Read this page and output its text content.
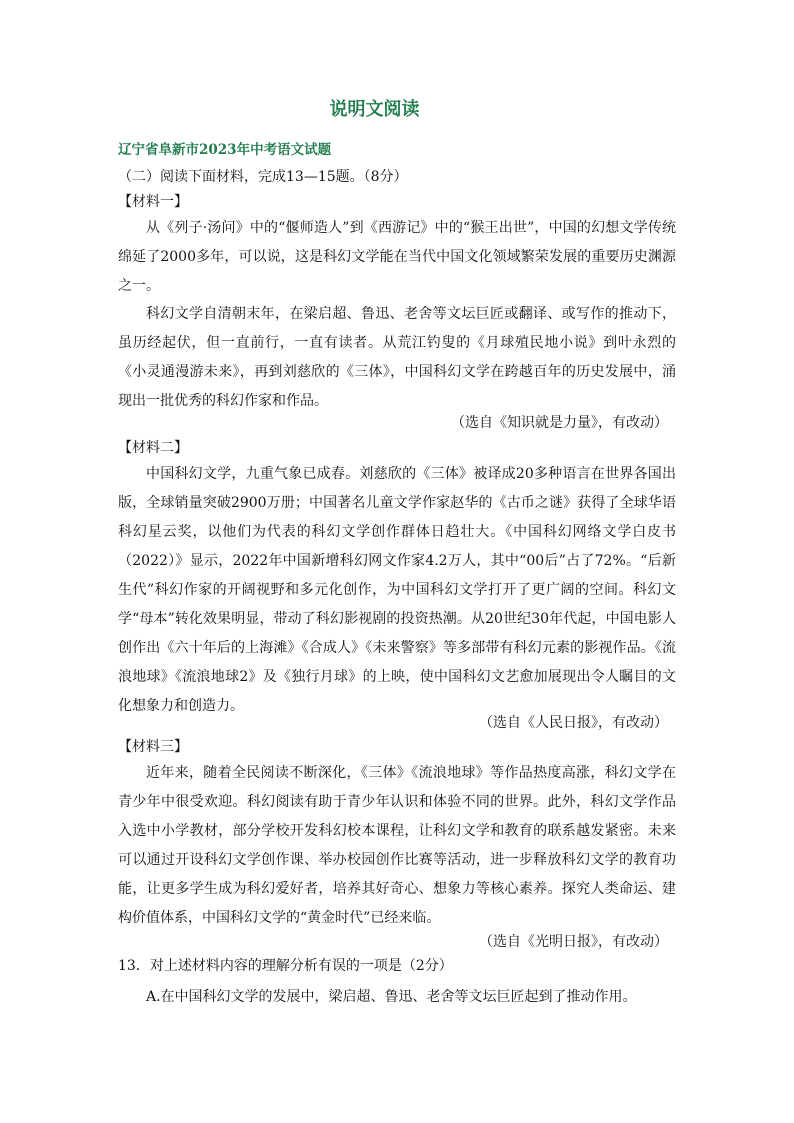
说明文阅读
辽宁省阜新市2023年中考语文试题
（二）阅读下面材料，完成13—15题。（8分）
【材料一】
从《列子·汤问》中的“偃师造人”到《西游记》中的“猴王出世”，中国的幻想文学传统绵延了2000多年，可以说，这是科幻文学能在当代中国文化领域繁荣发展的重要历史渊源之一。
科幻文学自清朝末年，在梁启超、鲁迅、老舍等文坛巨匠或翻译、或写作的推动下，虽历经起伏，但一直前行，一直有读者。从荒江钓叟的《月球殖民地小说》到叶永烈的《小灵通漫游未来》，再到刘慈欣的《三体》，中国科幻文学在跨越百年的历史发展中，涌现出一批优秀的科幻作家和作品。
（选自《知识就是力量》，有改动）
【材料二】
中国科幻文学，九重气象已成春。刘慈欣的《三体》被译成20多种语言在世界各国出版，全球销量突破2900万册；中国著名儿童文学作家赵华的《古币之谜》获得了全球华语科幻星云奖，以他们为代表的科幻文学创作群体日趋壮大。《中国科幻网络文学白皮书（2022）》显示，2022年中国新增科幻网文作家4.2万人，其中“00后”占了72%。“后新生代”科幻作家的开阔视野和多元化创作，为中国科幻文学打开了更广阔的空间。科幻文学“母本”转化效果明显，带动了科幻影视剧的投资热潮。从20世纪30年代起，中国电影人创作出《六十年后的上海滩》《合成人》《未来警察》等多部带有科幻元素的影视作品。《流浪地球》《流浪地球2》及《独行月球》的上映，使中国科幻文艺愈加展现出令人瞩目的文化想象力和创造力。
（选自《人民日报》，有改动）
【材料三】
近年来，随着全民阅读不断深化，《三体》《流浪地球》等作品热度高涨，科幻文学在青少年中很受欢迎。科幻阅读有助于青少年认识和体验不同的世界。此外，科幻文学作品入选中小学教材，部分学校开发科幻校本课程，让科幻文学和教育的联系越发紧密。未来可以通过开设科幻文学创作课、举办校园创作比赛等活动，进一步释放科幻文学的教育功能，让更多学生成为科幻爱好者，培养其好奇心、想象力等核心素养。探究人类命运、建构价值体系，中国科幻文学的“黄金时代”已经来临。
（选自《光明日报》，有改动）
13．对上述材料内容的理解分析有误的一项是（2分）
A.在中国科幻文学的发展中，梁启超、鲁迅、老舍等文坛巨匠起到了推动作用。
